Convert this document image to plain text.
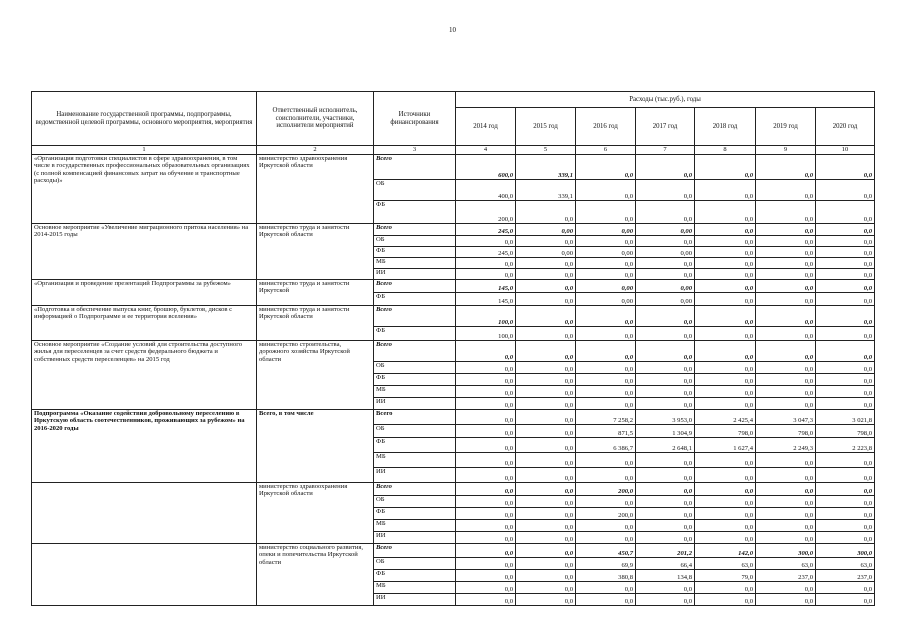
10
Наименование государственной программы, подпрограммы, ведомственной целевой программы, основного мероприятия, мероприятия	Ответственный исполнитель, соисполнители, участники, исполнители мероприятий	Источники финансирования	Расходы (тыс.руб.), годы						
			2014 год	2015 год	2016 год	2017 год	2018 год	2019 год	2020 год
1	2	3	4	5	6	7	8	9	10
«Организация подготовки специалистов в сфере здравоохранения, в том числе в государственных профессиональных образовательных организациях (с полной компенсацией финансовых затрат на обучение и транспортные расходы)»	министерство здравоохранения Иркутской области	Всего	600,0	339,1	0,0	0,0	0,0	0,0	0,0
		ОБ	400,0	339,1	0,0	0,0	0,0	0,0	0,0
		ФБ	200,0	0,0	0,0	0,0	0,0	0,0	0,0
Основное мероприятие «Увеличение миграционного притока населения» на 2014-2015 годы	министерство труда и занятости Иркутской области	Всего	245,0	0,00	0,00	0,00	0,0	0,0	0,0
		ОБ	0,0	0,0	0,0	0,0	0,0	0,0	0,0
		ФБ	245,0	0,00	0,00	0,00	0,0	0,0	0,0
		МБ	0,0	0,0	0,0	0,0	0,0	0,0	0,0
		ИИ	0,0	0,0	0,0	0,0	0,0	0,0	0,0
«Организация и проведение презентаций Подпрограммы за рубежом»	министерство труда и занятости Иркутской	Всего	145,0	0,0	0,00	0,00	0,0	0,0	0,0
		ФБ	145,0	0,0	0,00	0,00	0,0	0,0	0,0
«Подготовка и обеспечение выпуска книг, брошюр, буклетов, дисков с информацией о Подпрограмме и ее территория вселения»	министерство труда и занятости Иркутской области	Всего	100,0	0,0	0,0	0,0	0,0	0,0	0,0
		ФБ	100,0	0,0	0,0	0,0	0,0	0,0	0,0
Основное мероприятие «Создание условий для строительства доступного жилья для переселенцев за счет средств федерального бюджета и собственных средств переселенцев» на 2015 год	министерство строительства, дорожного хозяйства Иркутской области	Всего	0,0	0,0	0,0	0,0	0,0	0,0	0,0
		ОБ	0,0	0,0	0,0	0,0	0,0	0,0	0,0
		ФБ	0,0	0,0	0,0	0,0	0,0	0,0	0,0
		МБ	0,0	0,0	0,0	0,0	0,0	0,0	0,0
		ИИ	0,0	0,0	0,0	0,0	0,0	0,0	0,0
Подпрограмма «Оказание содействия добровольному переселению в Иркутскую область соотечественников, проживающих за рубежом» на 2016-2020 годы	Всего, в том числе	Всего	0,0	0,0	7 258,2	3 953,0	2 425,4	3 047,3	3 021,8
		ОБ	0,0	0,0	871,5	1 304,9	798,0	798,0	798,0
		ФБ	0,0	0,0	6 386,7	2 648,1	1 627,4	2 249,3	2 223,8
		МБ	0,0	0,0	0,0	0,0	0,0	0,0	0,0
		ИИ	0,0	0,0	0,0	0,0	0,0	0,0	0,0
	министерство здравоохранения Иркутской области	Всего	0,0	0,0	200,0	0,0	0,0	0,0	0,0
		ОБ	0,0	0,0	0,0	0,0	0,0	0,0	0,0
		ФБ	0,0	0,0	200,0	0,0	0,0	0,0	0,0
		МБ	0,0	0,0	0,0	0,0	0,0	0,0	0,0
		ИИ	0,0	0,0	0,0	0,0	0,0	0,0	0,0
	министерство социального развития, опеки и попечительства Иркутской области	Всего	0,0	0,0	450,7	201,2	142,0	300,0	300,0
		ОБ	0,0	0,0	69,9	66,4	63,0	63,0	63,0
		ФБ	0,0	0,0	380,8	134,8	79,0	237,0	237,0
		МБ	0,0	0,0	0,0	0,0	0,0	0,0	0,0
		ИИ	0,0	0,0	0,0	0,0	0,0	0,0	0,0
